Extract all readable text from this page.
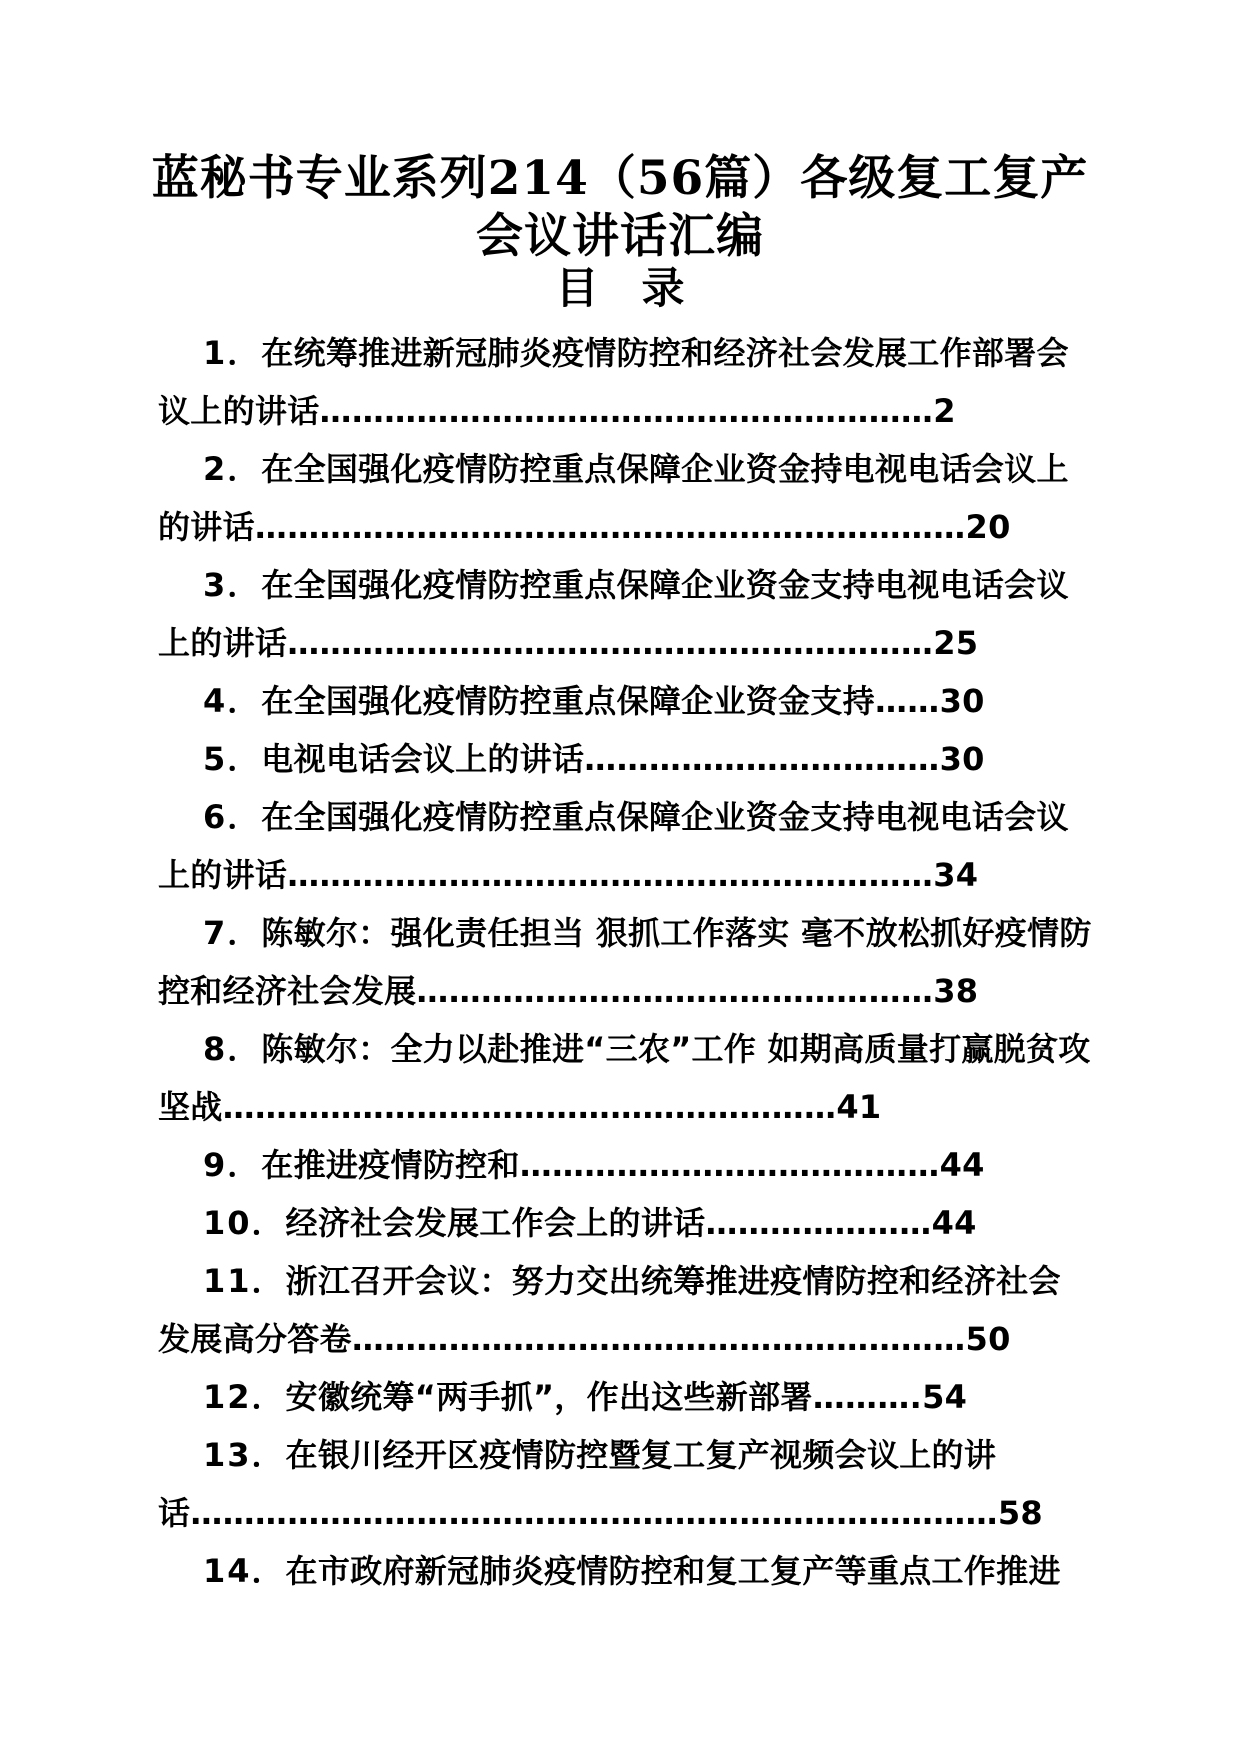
蓝秘书专业系列214（56篇）各级复工复产会议讲话汇编
目 录
1．在统筹推进新冠肺炎疫情防控和经济社会发展工作部署会议上的讲话…………………………………………………2
2．在全国强化疫情防控重点保障企业资金持电视电话会议上的讲话…………………………………………………………20
3．在全国强化疫情防控重点保障企业资金支持电视电话会议上的讲话……………………………………………………25
4．在全国强化疫情防控重点保障企业资金支持……30
5．电视电话会议上的讲话……………………………30
6．在全国强化疫情防控重点保障企业资金支持电视电话会议上的讲话……………………………………………………34
7．陈敏尔：强化责任担当 狠抓工作落实 毫不放松抓好疫情防控和经济社会发展…………………………………………38
8．陈敏尔：全力以赴推进“三农”工作 如期高质量打赢脱贫攻坚战…………………………………………………41
9．在推进疫情防控和…………………………………44
10．经济社会发展工作会上的讲话…………………44
11．浙江召开会议：努力交出统筹推进疫情防控和经济社会发展高分答卷…………………………………………………50
12．安徽统筹“两手抓”，作出这些新部署……….54
13．在银川经开区疫情防控暨复工复产视频会议上的讲话…………………………………………………………………58
14．在市政府新冠肺炎疫情防控和复工复产等重点工作推进
